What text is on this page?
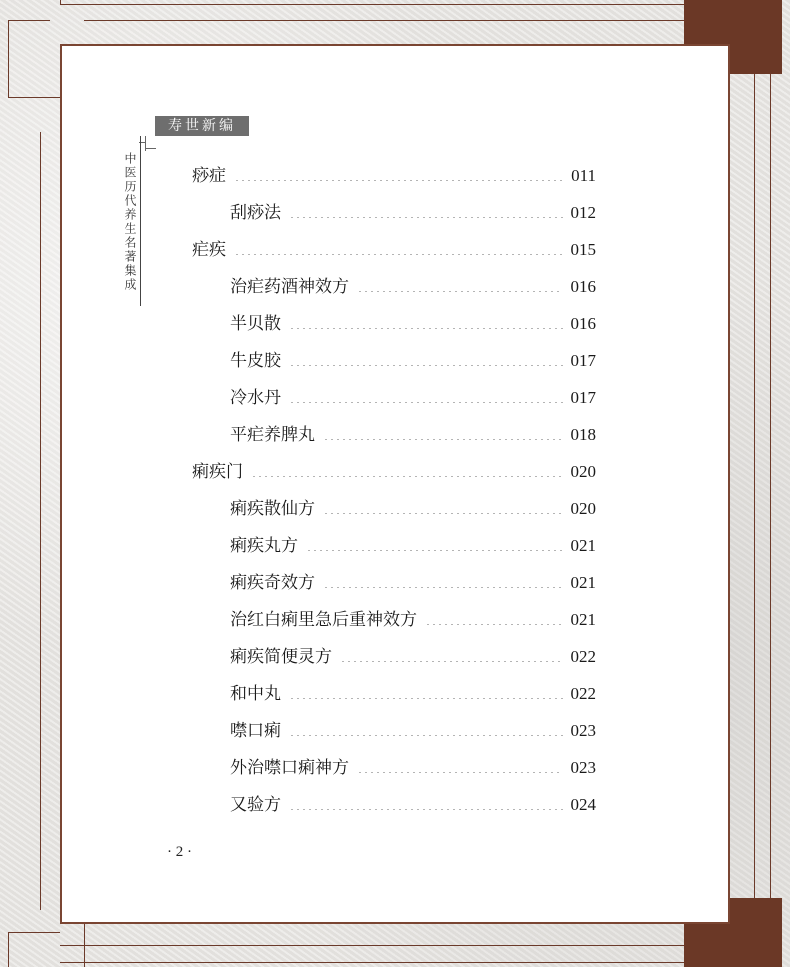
寿世新编
中医历代养生名著集成	痧症	011
刮痧法	012
疟疾	015
治疟药酒神效方	016
半贝散	016
牛皮胶	017
冷水丹	017
平疟养脾丸	018
痢疾门	020
痢疾散仙方	020
痢疾丸方	021
痢疾奇效方	021
治红白痢里急后重神效方	021
痢疾简便灵方	022
和中丸	022
噤口痢	023
外治噤口痢神方	023
又验方	024
· 2 ·
